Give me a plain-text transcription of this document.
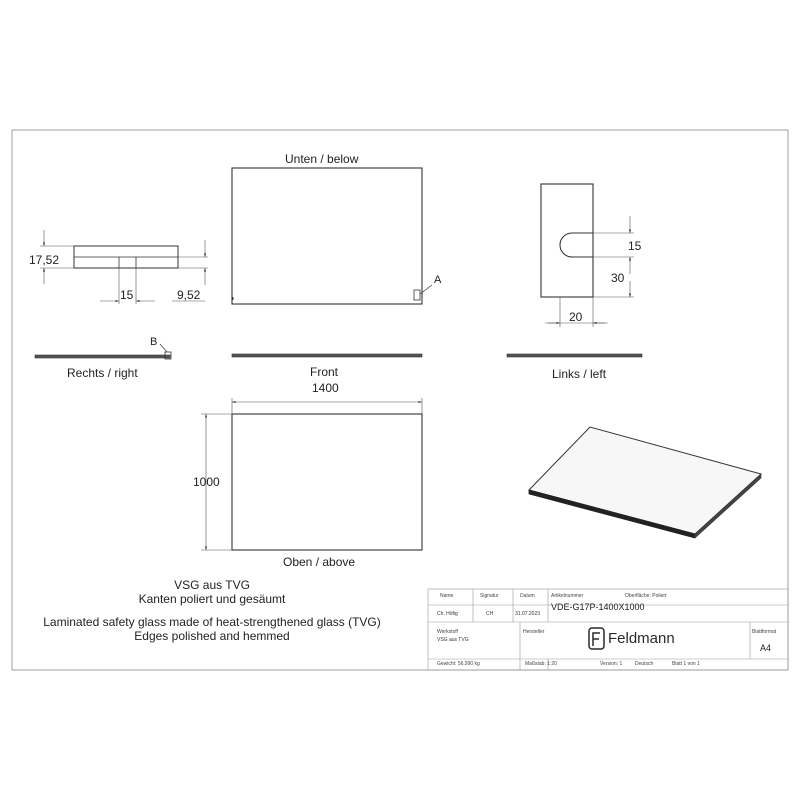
Unten / below
Rechts / right	Front	Links / left
Oben / above
17,52
15	9,52
15
30
20
1400
1000
A
B
VSG aus TVG
Kanten poliert und gesäumt
Laminated safety glass made of heat-strengthened glass (TVG)
Edges polished and hemmed
Name	Signatur	Datum	Artikelnummer	Oberfläche: Poliert
Ch. Höfig	CH	31.07.2023
VDE-G17P-1400X1000
Werkstoff
VSG aus TVG
Hersteller	Feldmann	Blattformat
A4
Gewicht: 56.990 kg	Maßstab: 1:20	Version: 1	Deutsch	Blatt 1 von 1
